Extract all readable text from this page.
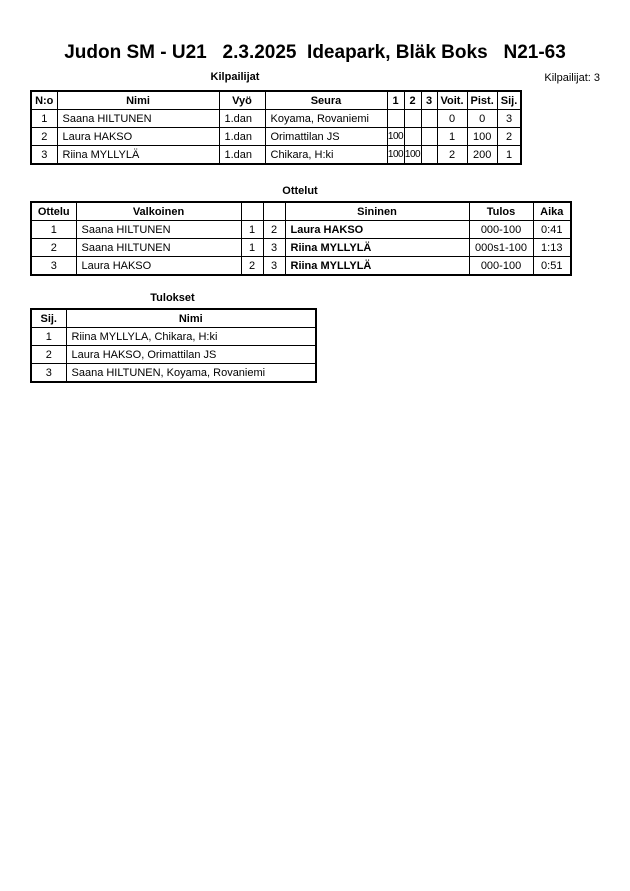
Judon SM - U21   2.3.2025  Ideapark, Bläk Boks   N21-63
Kilpailijat	Kilpailijat: 3
N:o	Nimi	Vyö	Seura	1	2	3	Voit.	Pist.	Sij.
1	Saana HILTUNEN	1.dan	Koyama, Rovaniemi				0	0	3
2	Laura HAKSO	1.dan	Orimattilan JS	100			1	100	2
3	Riina MYLLYLÄ	1.dan	Chikara, H:ki	100	100		2	200	1
Ottelut
Ottelu	Valkoinen			Sininen	Tulos	Aika
1	Saana HILTUNEN	1	2	Laura HAKSO	000-100	0:41
2	Saana HILTUNEN	1	3	Riina MYLLYLÄ	000s1-100	1:13
3	Laura HAKSO	2	3	Riina MYLLYLÄ	000-100	0:51
Tulokset
Sij.	Nimi
1	Riina MYLLYLA, Chikara, H:ki
2	Laura HAKSO, Orimattilan JS
3	Saana HILTUNEN, Koyama, Rovaniemi
